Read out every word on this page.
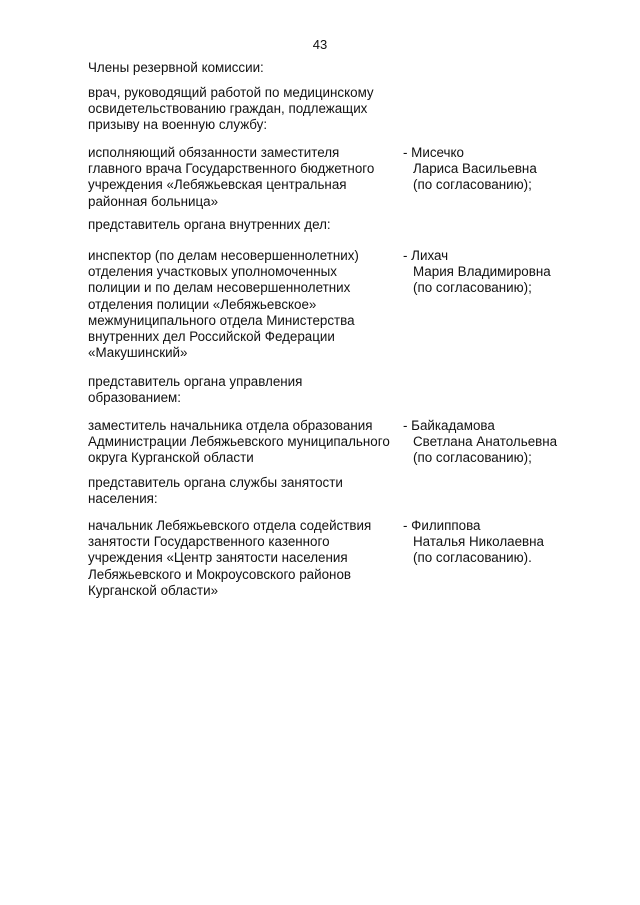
43
Члены резервной комиссии:
врач, руководящий работой по медицинскому
освидетельствованию граждан, подлежащих
призыву на военную службу:
исполняющий обязанности заместителя
главного врача Государственного бюджетного
учреждения «Лебяжьевская центральная
районная больница»
- Мисечко
Лариса Васильевна
(по согласованию);
представитель органа внутренних дел:
инспектор (по делам несовершеннолетних)
отделения участковых уполномоченных
полиции и по делам несовершеннолетних
отделения полиции «Лебяжьевское»
межмуниципального отдела Министерства
внутренних дел Российской Федерации
«Макушинский»
- Лихач
Мария Владимировна
(по согласованию);
представитель органа управления
образованием:
заместитель начальника отдела образования
Администрации Лебяжьевского муниципального
округа Курганской области
- Байкадамова
Светлана Анатольевна
(по согласованию);
представитель органа службы занятости
населения:
начальник Лебяжьевского отдела содействия
занятости Государственного казенного
учреждения «Центр занятости населения
Лебяжьевского и Мокроусовского районов
Курганской области»
- Филиппова
Наталья Николаевна
(по согласованию).
